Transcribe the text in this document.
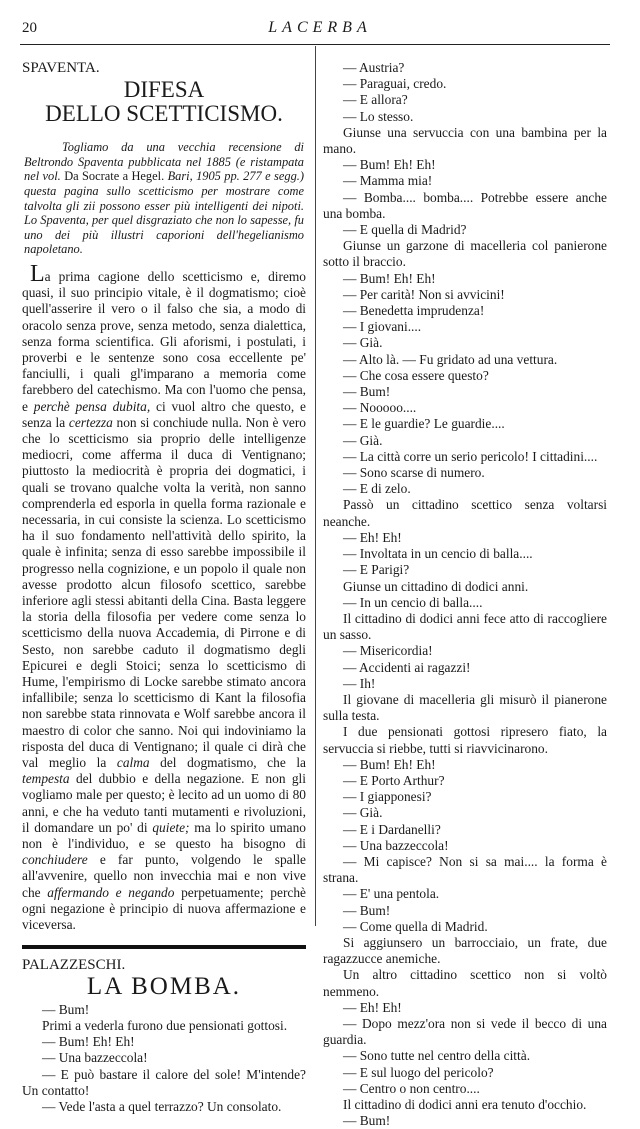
20	LACERBA
SPAVENTA.
DIFESA
DELLO SCETTICISMO.

Togliamo da una vecchia recensione di Beltrondo Spaventa pubblicata nel 1885 (e ristampata nel vol. Da Socrate a Hegel. Bari, 1905 pp. 277 e segg.) questa pagina sullo scetticismo per mostrare come talvolta gli zii possono esser più intelligenti dei nipoti. Lo Spaventa, per quel disgraziato che non lo sapesse, fu uno dei più illustri caporioni dell'hegelianismo napoletano.

La prima cagione dello scetticismo e, diremo quasi, il suo principio vitale, è il dogmatismo; cioè quell'asserire il vero o il falso che sia, a modo di oracolo senza prove, senza metodo, senza dialettica, senza forma scientifica. Gli aforismi, i postulati, i proverbi e le sentenze sono cosa eccellente pe' fanciulli, i quali gl'imparano a memoria come farebbero del catechismo. Ma con l'uomo che pensa, e perchè pensa dubita, ci vuol altro che questo, e senza la certezza non si conchiude nulla. Non è vero che lo scetticismo sia proprio delle intelligenze mediocri, come afferma il duca di Ventignano; piuttosto la mediocrità è propria dei dogmatici, i quali se trovano qualche volta la verità, non sanno comprenderla ed esporla in quella forma razionale e necessaria, in cui consiste la scienza. Lo scetticismo ha il suo fondamento nell'attività dello spirito, la quale è infinita; senza di esso sarebbe impossibile il progresso nella cognizione, e un popolo il quale non avesse prodotto alcun filosofo scettico, sarebbe inferiore agli stessi abitanti della Cina. Basta leggere la storia della filosofia per vedere come senza lo scetticismo della nuova Accademia, di Pirrone e di Sesto, non sarebbe caduto il dogmatismo degli Epicurei e degli Stoici; senza lo scetticismo di Hume, l'empirismo di Locke sarebbe stimato ancora infallibile; senza lo scetticismo di Kant la filosofia non sarebbe stata rinnovata e Wolf sarebbe ancora il maestro di color che sanno. Noi qui indoviniamo la risposta del duca di Ventignano; il quale ci dirà che val meglio la calma del dogmatismo, che la tempesta del dubbio e della negazione. E non gli vogliamo male per questo; è lecito ad un uomo di 80 anni, e che ha veduto tanti mutamenti e rivoluzioni, il domandare un po' di quiete; ma lo spirito umano non è l'individuo, e se questo ha bisogno di conchiudere e far punto, volgendo le spalle all'avvenire, quello non invecchia mai e non vive che affermando e negando perpetuamente; perchè ogni negazione è principio di nuova affermazione e viceversa.

PALAZZESCHI.
LA BOMBA.

— Bum!

Primi a vederla furono due pensionati gottosi.

— Bum! Eh! Eh!

— Una bazzeccola!

— E può bastare il calore del sole! M'intende? Un contatto!

— Vede l'asta a quel terrazzo? Un consolato.

— Austria?

— Paraguai, credo.

— E allora?

— Lo stesso.

Giunse una servuccia con una bambina per la mano.

— Bum! Eh! Eh!

— Mamma mia!

— Bomba.... bomba.... Potrebbe essere anche una bomba.

— E quella di Madrid?

Giunse un garzone di macelleria col panierone sotto il braccio.

— Bum! Eh! Eh!

— Per carità! Non si avvicini!

— Benedetta imprudenza!

— I giovani....

— Già.

— Alto là. — Fu gridato ad una vettura.

— Che cosa essere questo?

— Bum!

— Nooooo....

— E le guardie? Le guardie....

— Già.

— La città corre un serio pericolo! I cittadini....

— Sono scarse di numero.

— E di zelo.

Passò un cittadino scettico senza voltarsi neanche.

— Eh! Eh!

— Involtata in un cencio di balla....

— E Parigi?

Giunse un cittadino di dodici anni.

— In un cencio di balla....

Il cittadino di dodici anni fece atto di raccogliere un sasso.

— Misericordia!

— Accidenti ai ragazzi!

— Ih!

Il giovane di macelleria gli misurò il pianerone sulla testa.

I due pensionati gottosi ripresero fiato, la servuccia si riebbe, tutti si riavvicinarono.

— Bum! Eh! Eh!

— E Porto Arthur?

— I giapponesi?

— Già.

— E i Dardanelli?

— Una bazzeccola!

— Mi capisce? Non si sa mai.... la forma è strana.

— E' una pentola.

— Bum!

— Come quella di Madrid.

Si aggiunsero un barrocciaio, un frate, due ragazzucce anemiche.

Un altro cittadino scettico non si voltò nemmeno.

— Eh! Eh!

— Dopo mezz'ora non si vede il becco di una guardia.

— Sono tutte nel centro della città.

— E sul luogo del pericolo?

— Centro o non centro....

Il cittadino di dodici anni era tenuto d'occhio.

— Bum!
